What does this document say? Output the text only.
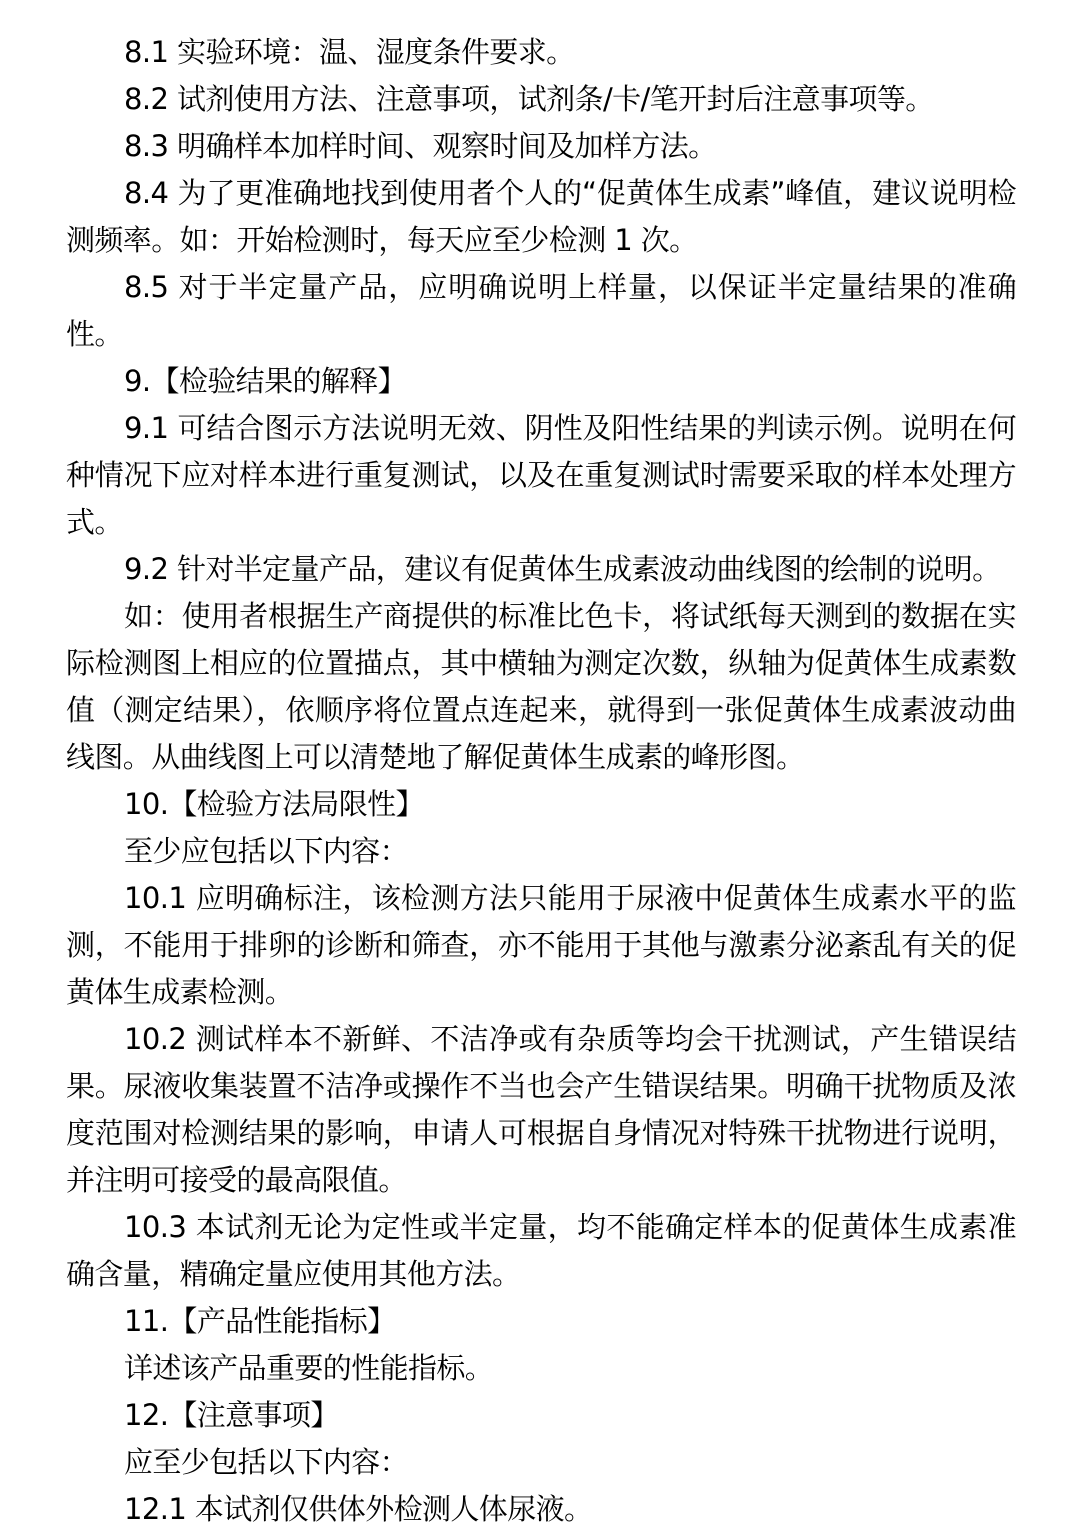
8.1 实验环境：温、湿度条件要求。

8.2 试剂使用方法、注意事项，试剂条/卡/笔开封后注意事项等。

8.3 明确样本加样时间、观察时间及加样方法。

8.4 为了更准确地找到使用者个人的“促黄体生成素”峰值，建议说明检测频率。如：开始检测时，每天应至少检测 1 次。

8.5 对于半定量产品，应明确说明上样量，以保证半定量结果的准确性。

9.【检验结果的解释】

9.1 可结合图示方法说明无效、阴性及阳性结果的判读示例。说明在何种情况下应对样本进行重复测试，以及在重复测试时需要采取的样本处理方式。

9.2 针对半定量产品，建议有促黄体生成素波动曲线图的绘制的说明。

如：使用者根据生产商提供的标准比色卡，将试纸每天测到的数据在实际检测图上相应的位置描点，其中横轴为测定次数，纵轴为促黄体生成素数值（测定结果），依顺序将位置点连起来，就得到一张促黄体生成素波动曲线图。从曲线图上可以清楚地了解促黄体生成素的峰形图。

10.【检验方法局限性】

至少应包括以下内容：

10.1 应明确标注，该检测方法只能用于尿液中促黄体生成素水平的监测，不能用于排卵的诊断和筛查，亦不能用于其他与激素分泌紊乱有关的促黄体生成素检测。

10.2 测试样本不新鲜、不洁净或有杂质等均会干扰测试，产生错误结果。尿液收集装置不洁净或操作不当也会产生错误结果。明确干扰物质及浓度范围对检测结果的影响，申请人可根据自身情况对特殊干扰物进行说明，并注明可接受的最高限值。

10.3 本试剂无论为定性或半定量，均不能确定样本的促黄体生成素准确含量，精确定量应使用其他方法。

11.【产品性能指标】

详述该产品重要的性能指标。

12.【注意事项】

应至少包括以下内容：

12.1 本试剂仅供体外检测人体尿液。
